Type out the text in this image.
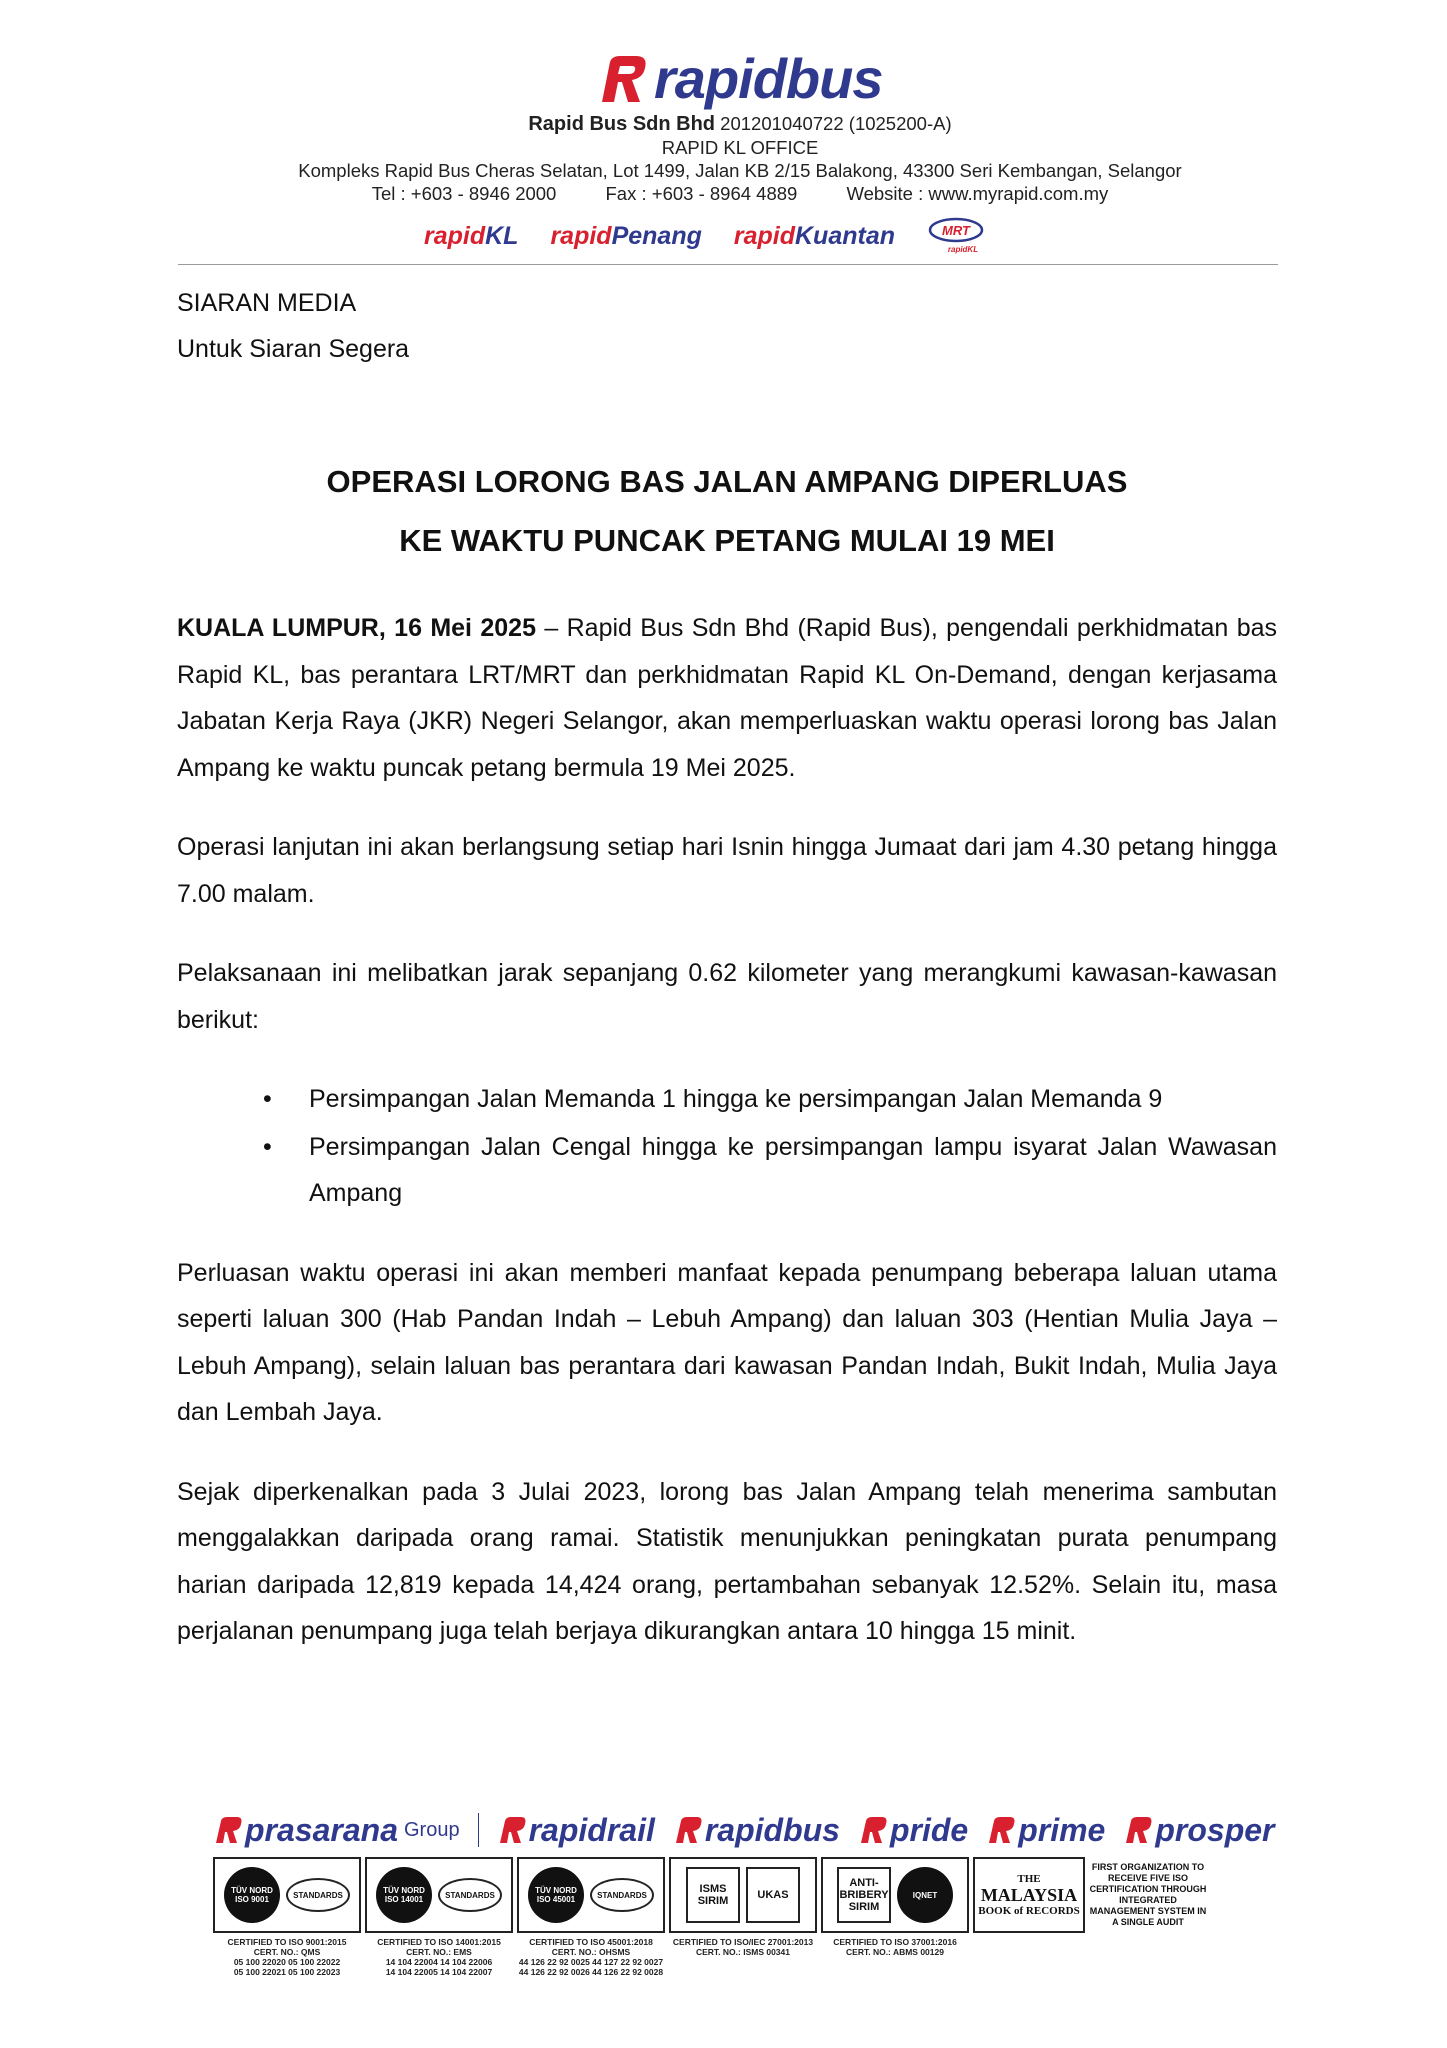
rapidbus
Rapid Bus Sdn Bhd 201201040722 (1025200-A)
RAPID KL OFFICE
Kompleks Rapid Bus Cheras Selatan, Lot 1499, Jalan KB 2/15 Balakong, 43300 Seri Kembangan, Selangor
Tel : +603 - 8946 2000	Fax : +603 - 8964 4889	Website : www.myrapid.com.my
rapidKL rapidPenang rapidKuantan	MRT
rapidKL
SIARAN MEDIA
Untuk Siaran Segera
OPERASI LORONG BAS JALAN AMPANG DIPERLUAS
KE WAKTU PUNCAK PETANG MULAI 19 MEI

KUALA LUMPUR, 16 Mei 2025 – Rapid Bus Sdn Bhd (Rapid Bus), pengendali perkhidmatan bas Rapid KL, bas perantara LRT/MRT dan perkhidmatan Rapid KL On-Demand, dengan kerjasama Jabatan Kerja Raya (JKR) Negeri Selangor, akan memperluaskan waktu operasi lorong bas Jalan Ampang ke waktu puncak petang bermula 19 Mei 2025.

Operasi lanjutan ini akan berlangsung setiap hari Isnin hingga Jumaat dari jam 4.30 petang hingga 7.00 malam.

Pelaksanaan ini melibatkan jarak sepanjang 0.62 kilometer yang merangkumi kawasan-kawasan berikut:

• Persimpangan Jalan Memanda 1 hingga ke persimpangan Jalan Memanda 9
• Persimpangan Jalan Cengal hingga ke persimpangan lampu isyarat Jalan Wawasan Ampang

Perluasan waktu operasi ini akan memberi manfaat kepada penumpang beberapa laluan utama seperti laluan 300 (Hab Pandan Indah – Lebuh Ampang) dan laluan 303 (Hentian Mulia Jaya – Lebuh Ampang), selain laluan bas perantara dari kawasan Pandan Indah, Bukit Indah, Mulia Jaya dan Lembah Jaya.

Sejak diperkenalkan pada 3 Julai 2023, lorong bas Jalan Ampang telah menerima sambutan menggalakkan daripada orang ramai. Statistik menunjukkan peningkatan purata penumpang harian daripada 12,819 kepada 14,424 orang, pertambahan sebanyak 12.52%. Selain itu, masa perjalanan penumpang juga telah berjaya dikurangkan antara 10 hingga 15 minit.

prasarana Group rapidrail rapidbus pride prime prosper
TÜV NORD ISO 9001	STANDARDS	TÜV NORD ISO 14001	STANDARDS	TÜV NORD ISO 45001	STANDARDS	ISMS SIRIM	UKAS
ANTI-BRIBERY SIRIM
IQNET
THE
MALAYSIA
BOOK of RECORDS
FIRST ORGANIZATION TO RECEIVE FIVE ISO CERTIFICATION THROUGH INTEGRATED MANAGEMENT SYSTEM IN A SINGLE AUDIT
CERTIFIED TO ISO 9001:2015
CERT. NO.: QMS
05 100 22020 05 100 22022
05 100 22021 05 100 22023
CERTIFIED TO ISO 14001:2015
CERT. NO.: EMS
14 104 22004 14 104 22006
14 104 22005 14 104 22007
CERTIFIED TO ISO 45001:2018
CERT. NO.: OHSMS
44 126 22 92 0025 44 127 22 92 0027
44 126 22 92 0026 44 126 22 92 0028
CERTIFIED TO ISO/IEC 27001:2013
CERT. NO.: ISMS 00341
CERTIFIED TO ISO 37001:2016
CERT. NO.: ABMS 00129
